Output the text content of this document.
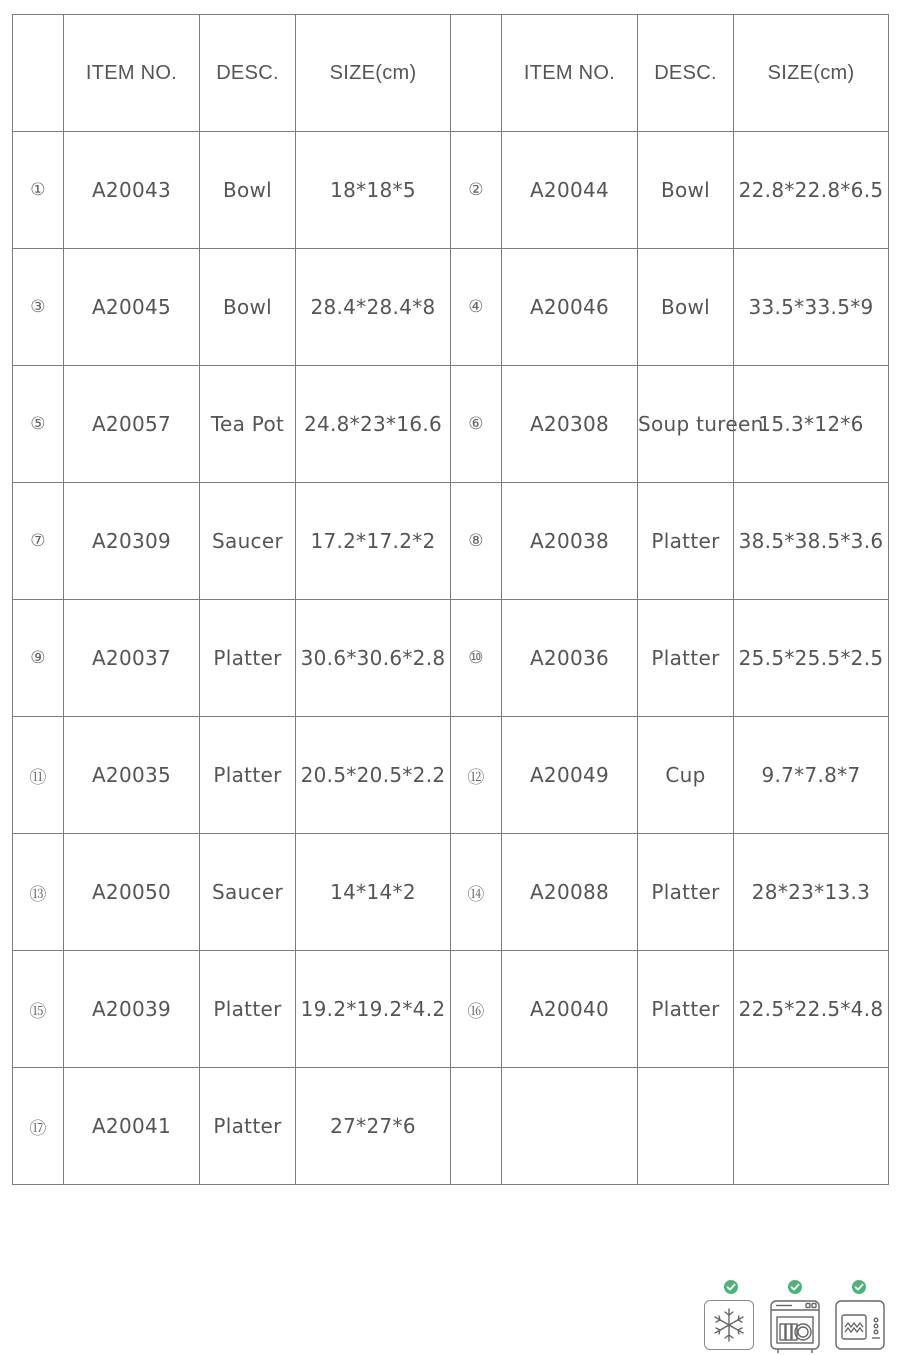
	ITEM NO.	DESC.	SIZE(cm)		ITEM NO.	DESC.	SIZE(cm)
①	A20043	Bowl	18*18*5	②	A20044	Bowl	22.8*22.8*6.5
③	A20045	Bowl	28.4*28.4*8	④	A20046	Bowl	33.5*33.5*9
⑤	A20057	Tea Pot	24.8*23*16.6	⑥	A20308	Soup tureen	15.3*12*6
⑦	A20309	Saucer	17.2*17.2*2	⑧	A20038	Platter	38.5*38.5*3.6
⑨	A20037	Platter	30.6*30.6*2.8	⑩	A20036	Platter	25.5*25.5*2.5
⑪	A20035	Platter	20.5*20.5*2.2	⑫	A20049	Cup	9.7*7.8*7
⑬	A20050	Saucer	14*14*2	⑭	A20088	Platter	28*23*13.3
⑮	A20039	Platter	19.2*19.2*4.2	⑯	A20040	Platter	22.5*22.5*4.8
⑰	A20041	Platter	27*27*6				
